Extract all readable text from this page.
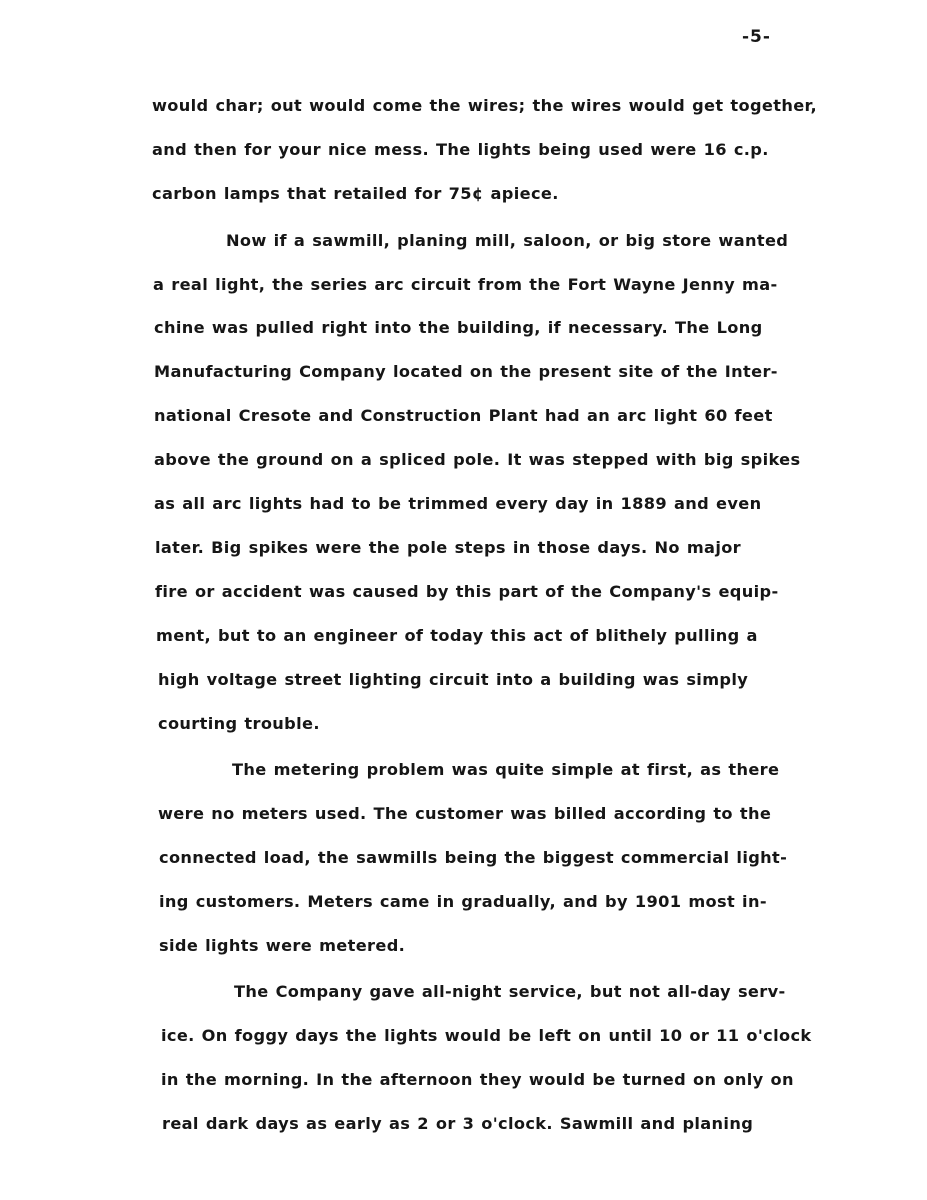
-5-
would char; out would come the wires; the wires would get together,
and then for your nice mess. The lights being used were 16 c.p.
carbon lamps that retailed for 75¢ apiece.
Now if a sawmill, planing mill, saloon, or big store wanted
a real light, the series arc circuit from the Fort Wayne Jenny ma-
chine was pulled right into the building, if necessary. The Long
Manufacturing Company located on the present site of the Inter-
national Cresote and Construction Plant had an arc light 60 feet
above the ground on a spliced pole. It was stepped with big spikes
as all arc lights had to be trimmed every day in 1889 and even
later. Big spikes were the pole steps in those days. No major
fire or accident was caused by this part of the Company's equip-
ment, but to an engineer of today this act of blithely pulling a
high voltage street lighting circuit into a building was simply
courting trouble.
The metering problem was quite simple at first, as there
were no meters used. The customer was billed according to the
connected load, the sawmills being the biggest commercial light-
ing customers. Meters came in gradually, and by 1901 most in-
side lights were metered.
The Company gave all-night service, but not all-day serv-
ice. On foggy days the lights would be left on until 10 or 11 o'clock
in the morning. In the afternoon they would be turned on only on
real dark days as early as 2 or 3 o'clock. Sawmill and planing
